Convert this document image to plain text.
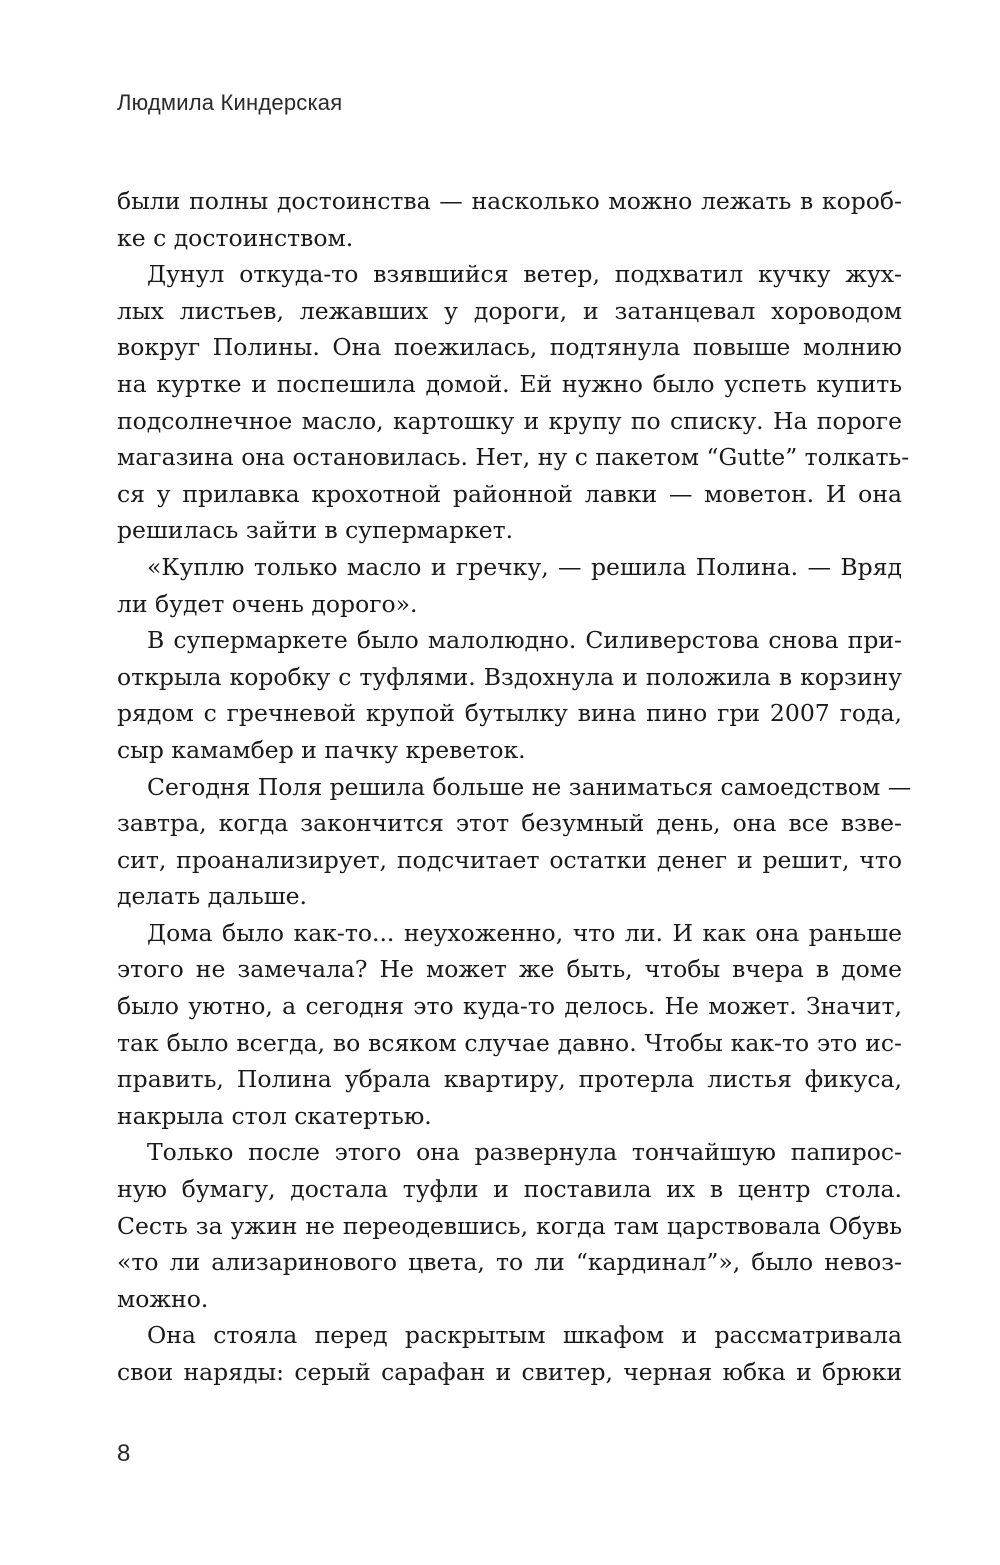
Людмила Киндерская
были полны достоинства — насколько можно лежать в короб-
ке с достоинством.
Дунул откуда-то взявшийся ветер, подхватил кучку жух-
лых листьев, лежавших у дороги, и затанцевал хороводом
вокруг Полины. Она поежилась, подтянула повыше молнию
на куртке и поспешила домой. Ей нужно было успеть купить
подсолнечное масло, картошку и крупу по списку. На пороге
магазина она остановилась. Нет, ну с пакетом “Gutte” толкать-
ся у прилавка крохотной районной лавки — моветон. И она
решилась зайти в супермаркет.
«Куплю только масло и гречку, — решила Полина. — Вряд
ли будет очень дорого».
В супермаркете было малолюдно. Силиверстова снова при-
открыла коробку с туфлями. Вздохнула и положила в корзину
рядом с гречневой крупой бутылку вина пино гри 2007 года,
сыр камамбер и пачку креветок.
Сегодня Поля решила больше не заниматься самоедством —
завтра, когда закончится этот безумный день, она все взве-
сит, проанализирует, подсчитает остатки денег и решит, что
делать дальше.
Дома было как-то... неухоженно, что ли. И как она раньше
этого не замечала? Не может же быть, чтобы вчера в доме
было уютно, а сегодня это куда-то делось. Не может. Значит,
так было всегда, во всяком случае давно. Чтобы как-то это ис-
править, Полина убрала квартиру, протерла листья фикуса,
накрыла стол скатертью.
Только после этого она развернула тончайшую папирос-
ную бумагу, достала туфли и поставила их в центр стола.
Сесть за ужин не переодевшись, когда там царствовала Обувь
«то ли ализаринового цвета, то ли “кардинал”», было невоз-
можно.
Она стояла перед раскрытым шкафом и рассматривала
свои наряды: серый сарафан и свитер, черная юбка и брюки
8
